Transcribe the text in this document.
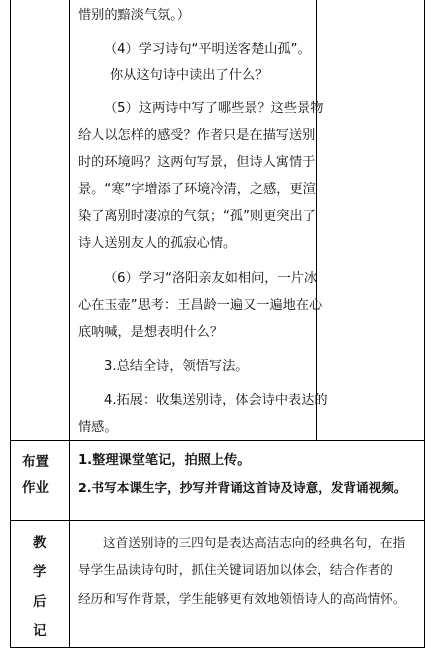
惜别的黯淡气氛。）
（4）学习诗句“平明送客楚山孤”。
你从这句诗中读出了什么？
（5）这两诗中写了哪些景？这些景物
给人以怎样的感受？作者只是在描写送别
时的环境吗？这两句写景，但诗人寓情于
景。“寒”字增添了环境冷清，之感，更渲
染了离别时凄凉的气氛；“孤”则更突出了
诗人送别友人的孤寂心情。
（6）学习“洛阳亲友如相问，一片冰
心在玉壶”思考：王昌龄一遍又一遍地在心
底呐喊，是想表明什么？
3.总结全诗，领悟写法。
4.拓展：收集送别诗，体会诗中表达的
情感。
布置
作业
1.整理课堂笔记，拍照上传。
2.书写本课生字，抄写并背诵这首诗及诗意，发背诵视频。
教
学
后
记
这首送别诗的三四句是表达高洁志向的经典名句，在指
导学生品读诗句时，抓住关键词语加以体会，结合作者的
经历和写作背景，学生能够更有效地领悟诗人的高尚情怀。
